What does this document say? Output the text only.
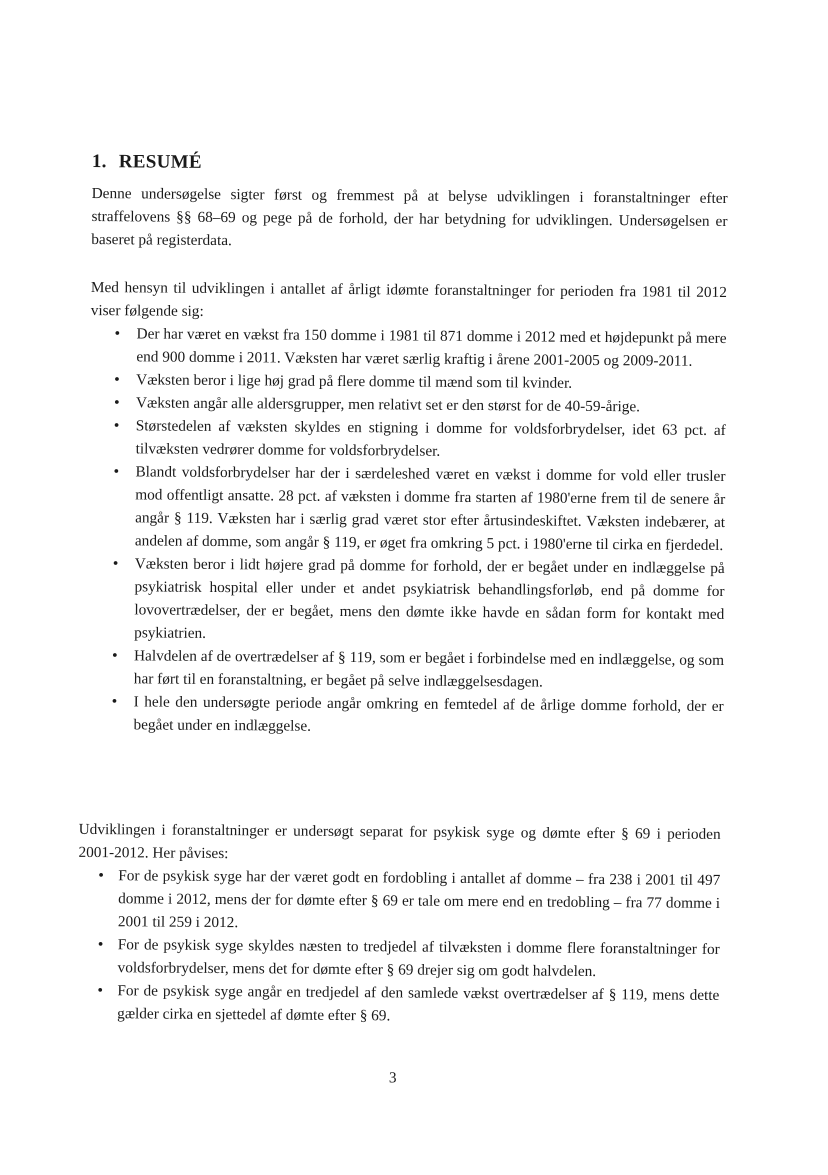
1. RESUMÉ

Denne undersøgelse sigter først og fremmest på at belyse udviklingen i foranstaltninger efter straffelovens §§ 68–69 og pege på de forhold, der har betydning for udviklingen. Undersøgelsen er baseret på registerdata.

Med hensyn til udviklingen i antallet af årligt idømte foranstaltninger for perioden fra 1981 til 2012 viser følgende sig:

• Der har været en vækst fra 150 domme i 1981 til 871 domme i 2012 med et højdepunkt på mere end 900 domme i 2011. Væksten har været særlig kraftig i årene 2001-2005 og 2009-2011.
• Væksten beror i lige høj grad på flere domme til mænd som til kvinder.
• Væksten angår alle aldersgrupper, men relativt set er den størst for de 40-59-årige.
• Størstedelen af væksten skyldes en stigning i domme for voldsforbrydelser, idet 63 pct. af tilvæksten vedrører domme for voldsforbrydelser.
• Blandt voldsforbrydelser har der i særdeleshed været en vækst i domme for vold eller trusler mod offentligt ansatte. 28 pct. af væksten i domme fra starten af 1980'erne frem til de senere år angår § 119. Væksten har i særlig grad været stor efter årtusindeskiftet. Væksten indebærer, at andelen af domme, som angår § 119, er øget fra omkring 5 pct. i 1980'erne til cirka en fjerdedel.
• Væksten beror i lidt højere grad på domme for forhold, der er begået under en indlæggelse på psykiatrisk hospital eller under et andet psykiatrisk behandlingsforløb, end på domme for lovovertrædelser, der er begået, mens den dømte ikke havde en sådan form for kontakt med psykiatrien.
• Halvdelen af de overtrædelser af § 119, som er begået i forbindelse med en indlæggelse, og som har ført til en foranstaltning, er begået på selve indlæggelsesdagen.
• I hele den undersøgte periode angår omkring en femtedel af de årlige domme forhold, der er begået under en indlæggelse.

Udviklingen i foranstaltninger er undersøgt separat for psykisk syge og dømte efter § 69 i perioden 2001-2012. Her påvises:

• For de psykisk syge har der været godt en fordobling i antallet af domme – fra 238 i 2001 til 497 domme i 2012, mens der for dømte efter § 69 er tale om mere end en tredobling – fra 77 domme i 2001 til 259 i 2012.
• For de psykisk syge skyldes næsten to tredjedel af tilvæksten i domme flere foranstaltninger for voldsforbrydelser, mens det for dømte efter § 69 drejer sig om godt halvdelen.
• For de psykisk syge angår en tredjedel af den samlede vækst overtrædelser af § 119, mens dette gælder cirka en sjettedel af dømte efter § 69.
3
